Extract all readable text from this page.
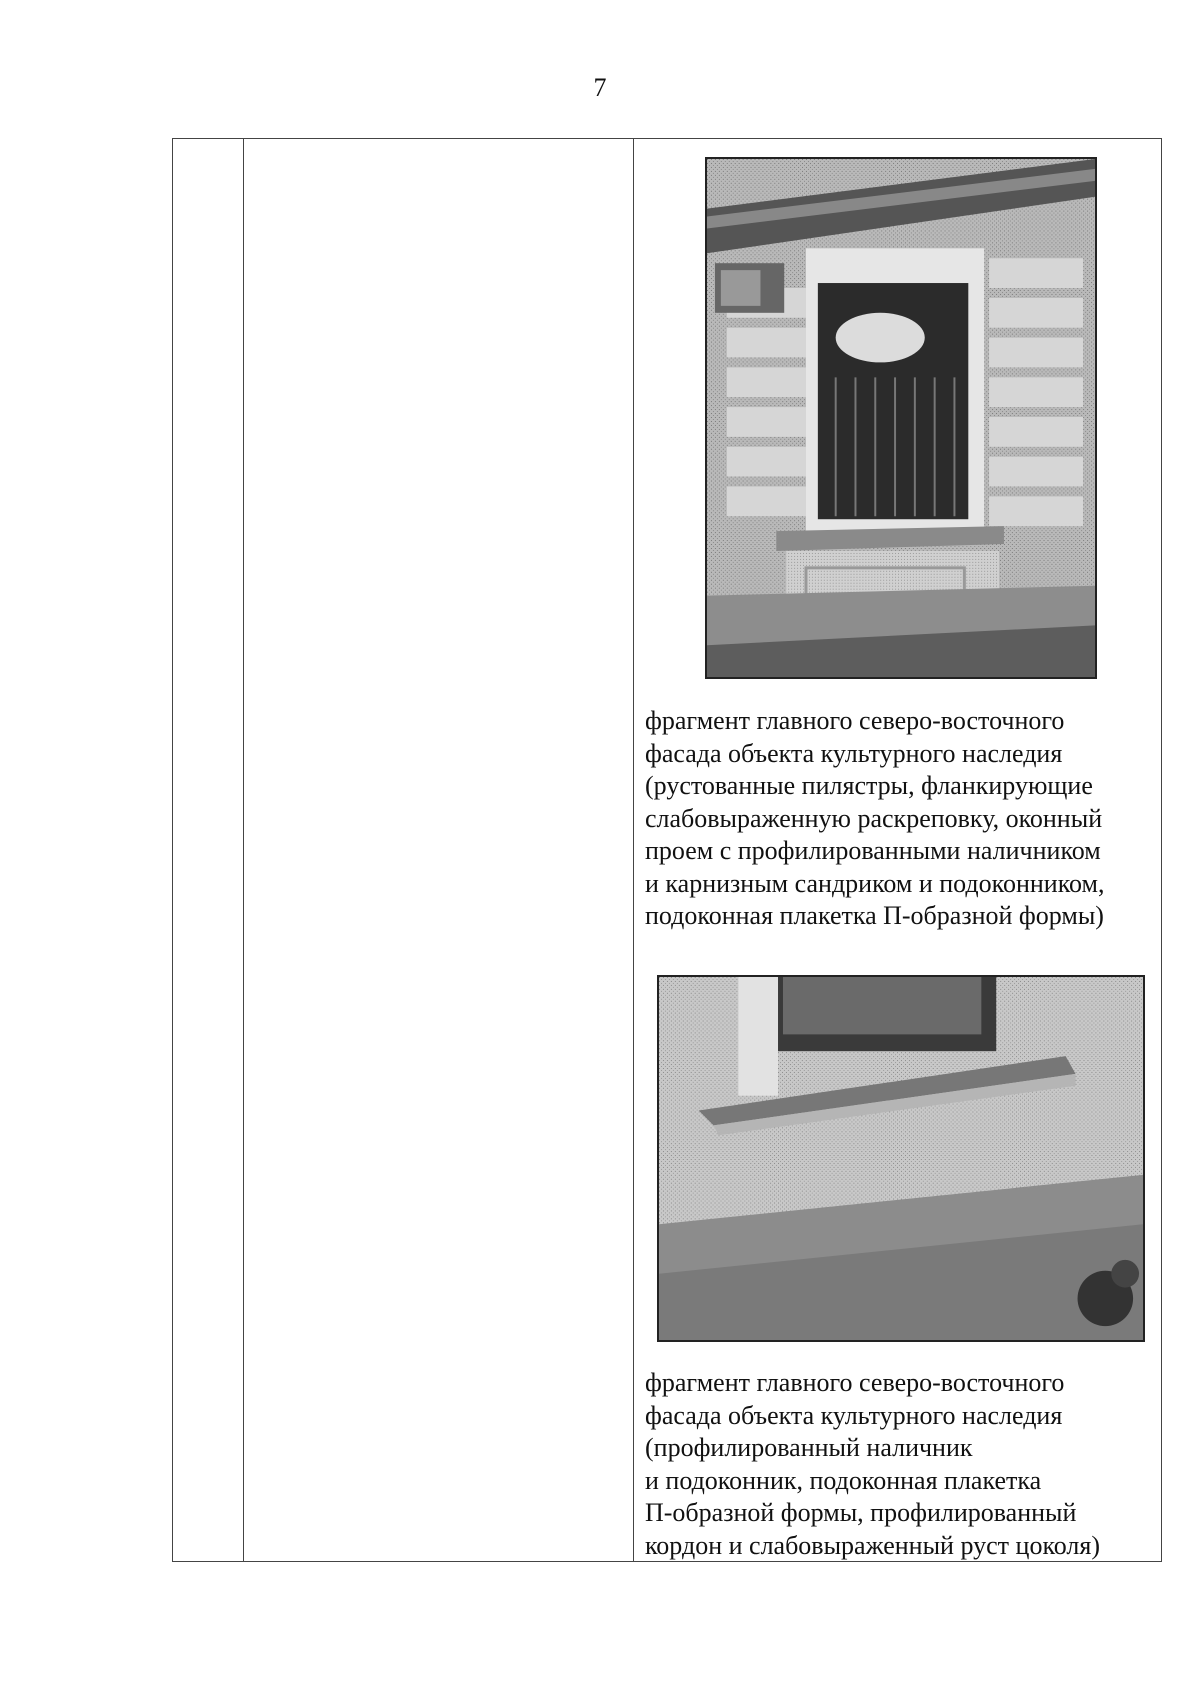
7

фрагмент главного северо-восточного
фасада объекта культурного наследия
(рустованные пилястры, фланкирующие
слабовыраженную раскреповку, оконный
проем с профилированными наличником
и карнизным сандриком и подоконником,
подоконная плакетка П-образной формы)

фрагмент главного северо-восточного
фасада объекта культурного наследия
(профилированный наличник
и подоконник, подоконная плакетка
П-образной формы, профилированный
кордон и слабовыраженный руст цоколя)
